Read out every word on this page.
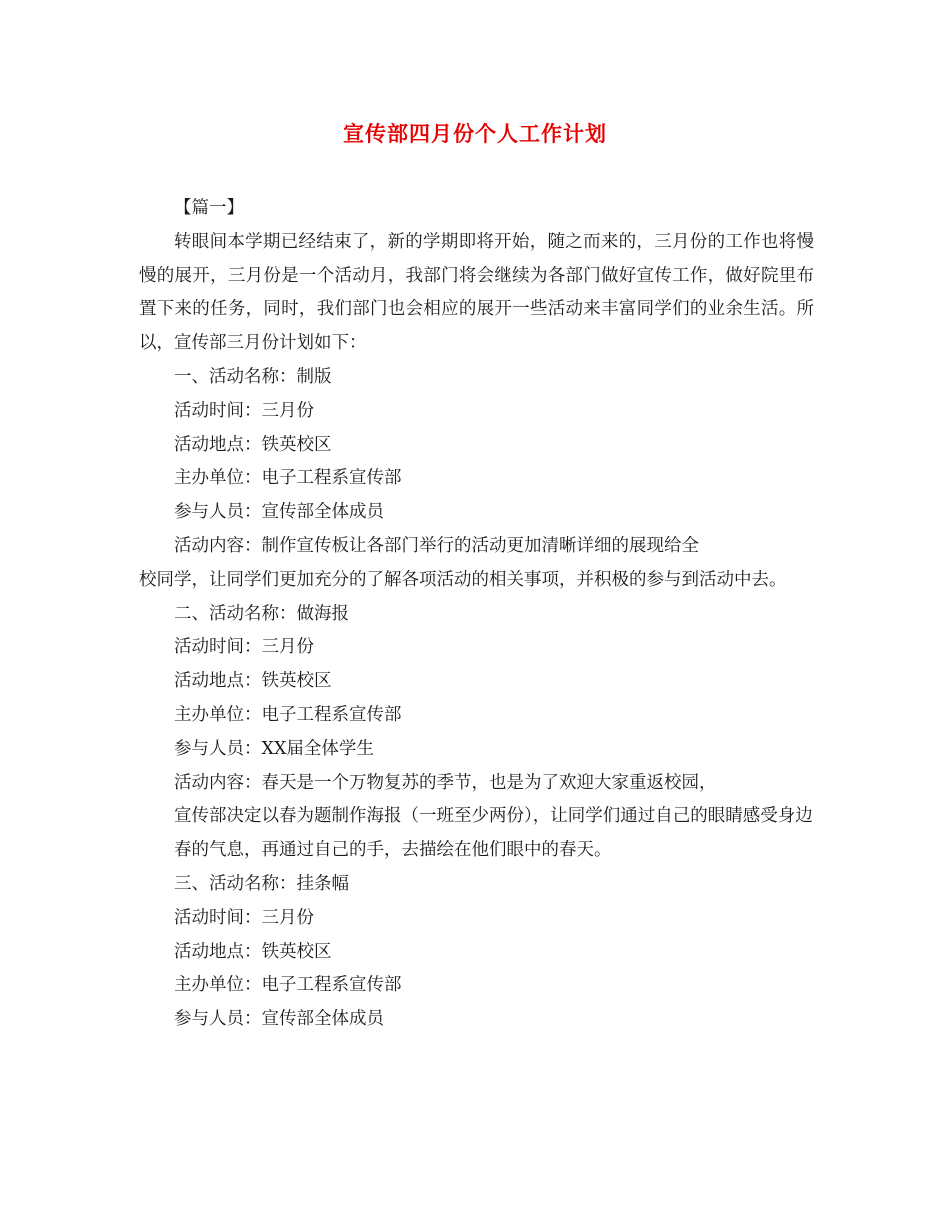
宣传部四月份个人工作计划

【篇一】

转眼间本学期已经结束了，新的学期即将开始，随之而来的，三月份的工作也将慢慢的展开，三月份是一个活动月，我部门将会继续为各部门做好宣传工作，做好院里布置下来的任务，同时，我们部门也会相应的展开一些活动来丰富同学们的业余生活。所以，宣传部三月份计划如下：

一、活动名称：制版

活动时间：三月份

活动地点：铁英校区

主办单位：电子工程系宣传部

参与人员：宣传部全体成员

活动内容：制作宣传板让各部门举行的活动更加清晰详细的展现给全

校同学，让同学们更加充分的了解各项活动的相关事项，并积极的参与到活动中去。

二、活动名称：做海报

活动时间：三月份

活动地点：铁英校区

主办单位：电子工程系宣传部

参与人员：XX届全体学生

活动内容：春天是一个万物复苏的季节，也是为了欢迎大家重返校园，

宣传部决定以春为题制作海报（一班至少两份），让同学们通过自己的眼睛感受身边

春的气息，再通过自己的手，去描绘在他们眼中的春天。

三、活动名称：挂条幅

活动时间：三月份

活动地点：铁英校区

主办单位：电子工程系宣传部

参与人员：宣传部全体成员
